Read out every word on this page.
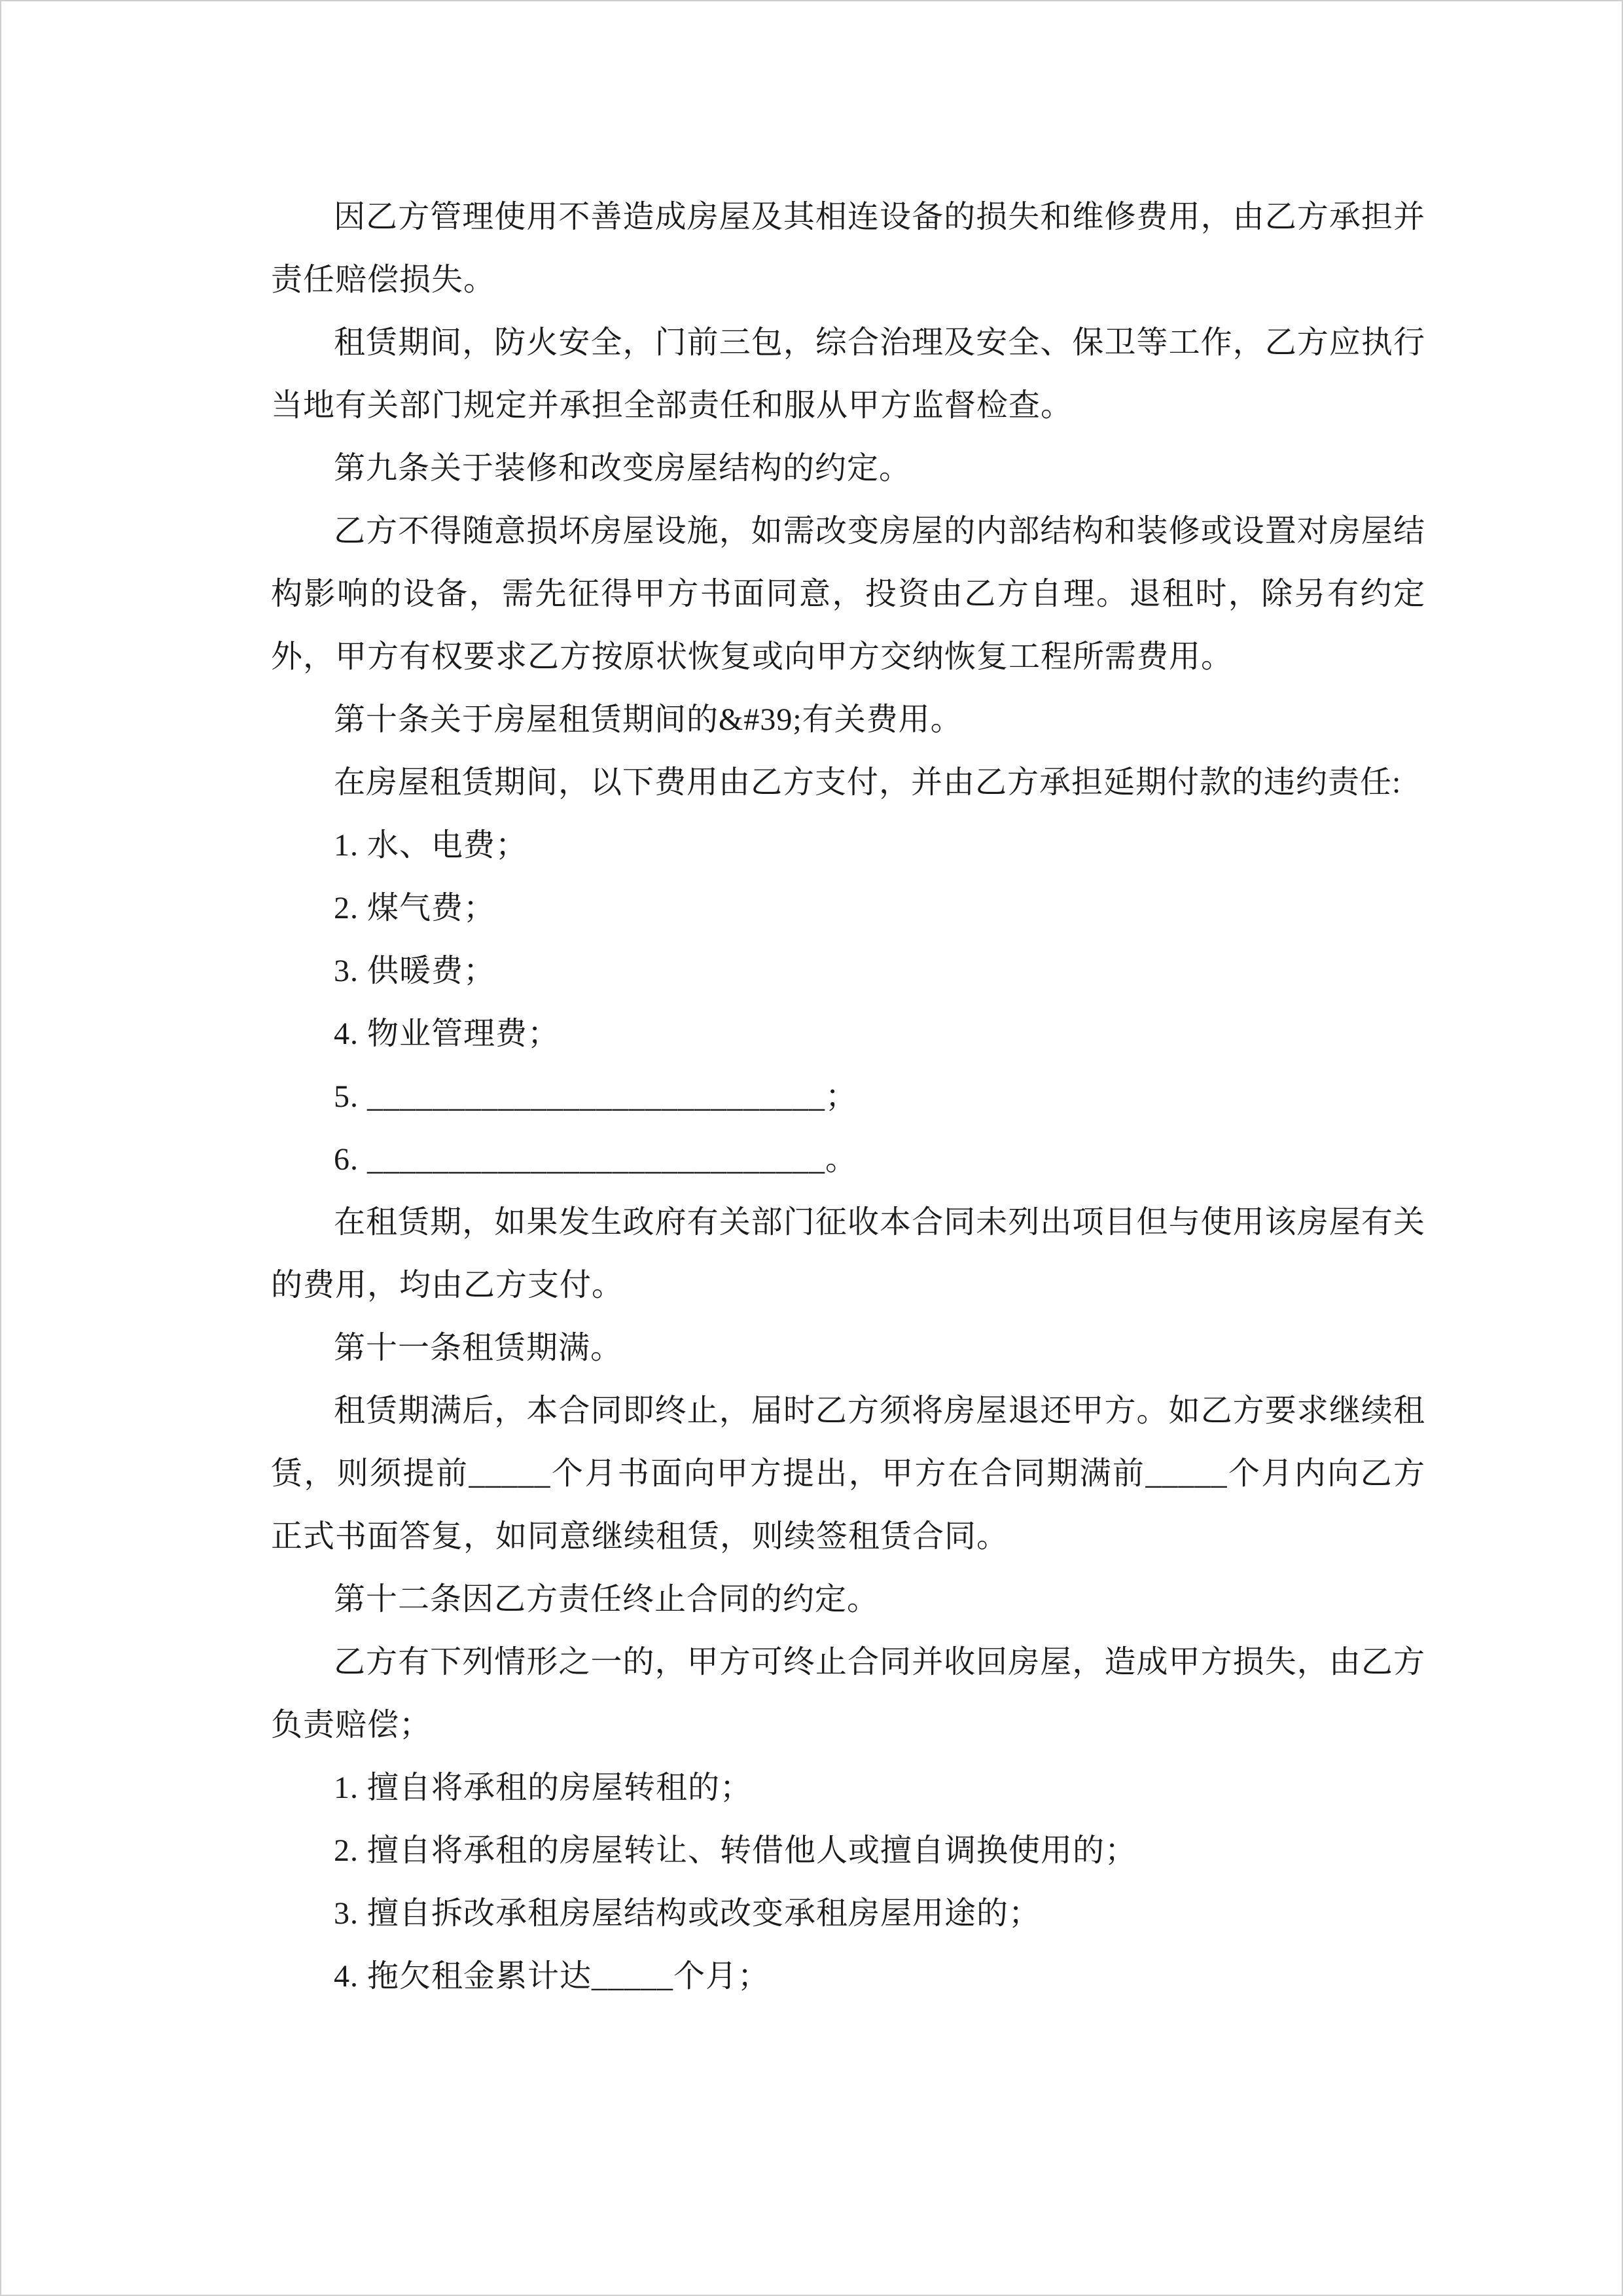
因乙方管理使用不善造成房屋及其相连设备的损失和维修费用，由乙方承担并责任赔偿损失。

租赁期间，防火安全，门前三包，综合治理及安全、保卫等工作，乙方应执行当地有关部门规定并承担全部责任和服从甲方监督检查。

第九条关于装修和改变房屋结构的约定。

乙方不得随意损坏房屋设施，如需改变房屋的内部结构和装修或设置对房屋结构影响的设备，需先征得甲方书面同意，投资由乙方自理。退租时，除另有约定外，甲方有权要求乙方按原状恢复或向甲方交纳恢复工程所需费用。

第十条关于房屋租赁期间的&#39;有关费用。

在房屋租赁期间，以下费用由乙方支付，并由乙方承担延期付款的违约责任:

1. 水、电费；

2. 煤气费；

3. 供暖费；

4. 物业管理费；

5. ____________________________；

6. ____________________________。

在租赁期，如果发生政府有关部门征收本合同未列出项目但与使用该房屋有关的费用，均由乙方支付。

第十一条租赁期满。

租赁期满后，本合同即终止，届时乙方须将房屋退还甲方。如乙方要求继续租赁，则须提前_____个月书面向甲方提出，甲方在合同期满前_____个月内向乙方正式书面答复，如同意继续租赁，则续签租赁合同。

第十二条因乙方责任终止合同的约定。

乙方有下列情形之一的，甲方可终止合同并收回房屋，造成甲方损失，由乙方负责赔偿；

1. 擅自将承租的房屋转租的；

2. 擅自将承租的房屋转让、转借他人或擅自调换使用的；

3. 擅自拆改承租房屋结构或改变承租房屋用途的；

4. 拖欠租金累计达_____个月；
